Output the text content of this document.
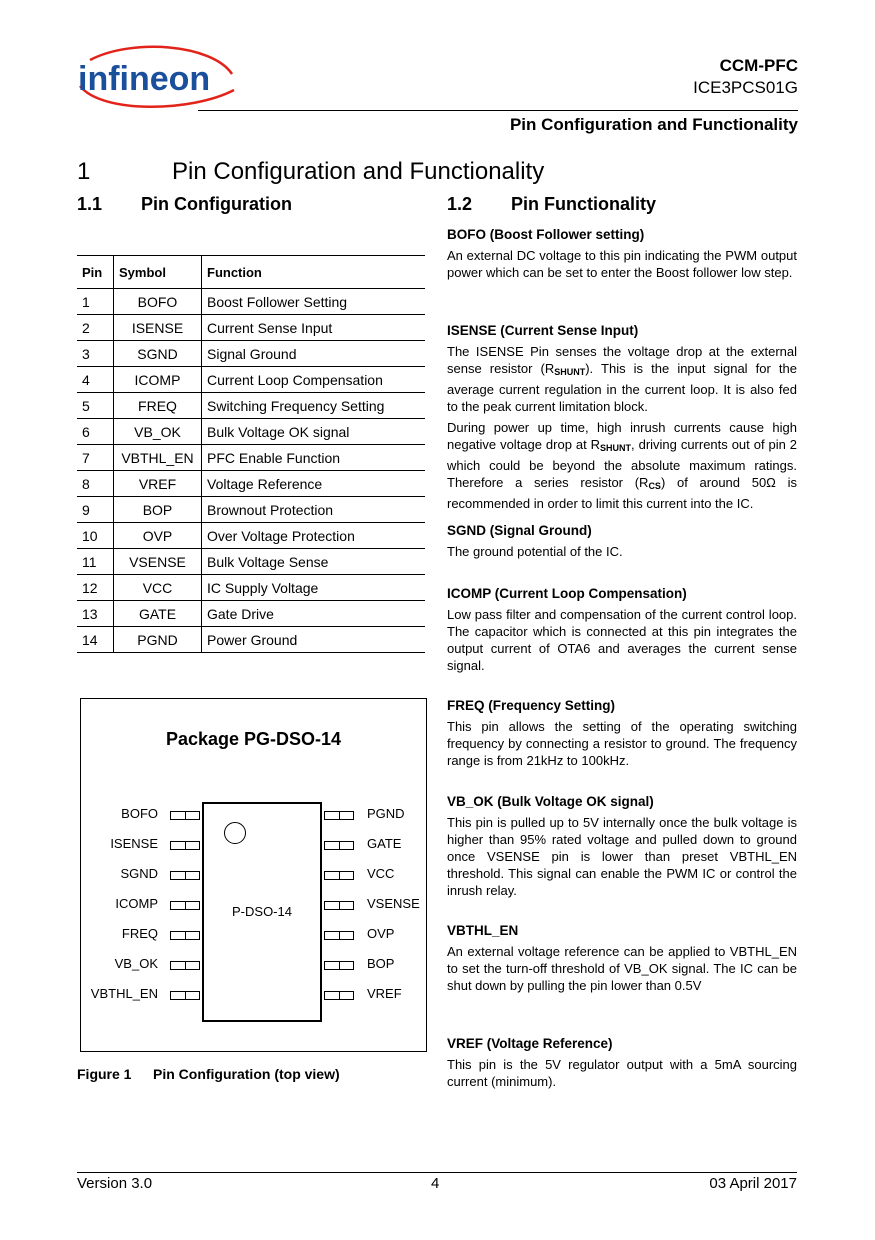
infineon	CCM-PFC
ICE3PCS01G
Pin Configuration and Functionality
1	Pin Configuration and Functionality
1.1 Pin Configuration
Pin	Symbol	Function
1	BOFO	Boost Follower Setting
2	ISENSE	Current Sense Input
3	SGND	Signal Ground
4	ICOMP	Current Loop Compensation
5	FREQ	Switching Frequency Setting
6	VB_OK	Bulk Voltage OK signal
7	VBTHL_EN	PFC Enable Function
8	VREF	Voltage Reference
9	BOP	Brownout Protection
10	OVP	Over Voltage Protection
11	VSENSE	Bulk Voltage Sense
12	VCC	IC Supply Voltage
13	GATE	Gate Drive
14	PGND	Power Ground
Package PG-DSO-14
P-DSO-14
BOFO
ISENSE
SGND
ICOMP
FREQ
VB_OK
VBTHL_EN
PGND
GATE
VCC
VSENSE
OVP
BOP
VREF
Figure 1 Pin Configuration (top view)
1.2 Pin Functionality
BOFO (Boost Follower setting)

An external DC voltage to this pin indicating the PWM output power which can be set to enter the Boost follower low step.

ISENSE (Current Sense Input)

The ISENSE Pin senses the voltage drop at the external sense resistor $(R_{SHUNT})$. This is the input signal for the average current regulation in the current loop. It is also fed to the peak current limitation block.

During power up time, high inrush currents cause high negative voltage drop at $R_{SHUNT}$, driving currents out of pin 2 which could be beyond the absolute maximum ratings. Therefore a series resistor $(R_{CS})$ of around 50Ω is recommended in order to limit this current into the IC.

SGND (Signal Ground)

The ground potential of the IC.

ICOMP (Current Loop Compensation)

Low pass filter and compensation of the current control loop. The capacitor which is connected at this pin integrates the output current of OTA6 and averages the current sense signal.

FREQ (Frequency Setting)

This pin allows the setting of the operating switching frequency by connecting a resistor to ground. The frequency range is from 21kHz to 100kHz.

VB_OK (Bulk Voltage OK signal)

This pin is pulled up to 5V internally once the bulk voltage is higher than 95% rated voltage and pulled down to ground once VSENSE pin is lower than preset VBTHL_EN threshold. This signal can enable the PWM IC or control the inrush relay.

VBTHL_EN

An external voltage reference can be applied to VBTHL_EN to set the turn-off threshold of VB_OK signal. The IC can be shut down by pulling the pin lower than 0.5V

VREF (Voltage Reference)

This pin is the 5V regulator output with a 5mA sourcing current (minimum).

Version 3.0	4	03 April 2017
